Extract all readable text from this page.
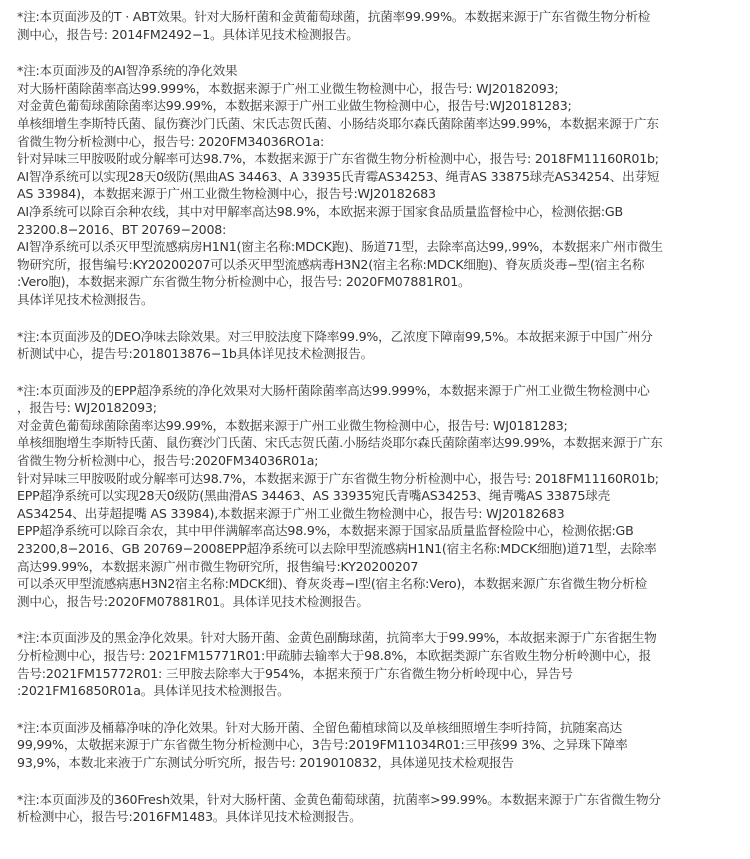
*注:本页面涉及的T · ABT效果。针对大肠杆菌和金黄葡萄球菌，抗菌率99.99%。本数据来源于广东省微生物分析检
测中心，报告号: 2014FM2492−1。具体详见技术检测报告。
*注:本页面涉及的AI智净系统的净化效果
对大肠杆菌除菌率高达99.999%，本数据来源于广州工业微生物检测中心，报告号: WJ20182093;
对金黄色葡萄球菌除菌率达99.99%，本数据来源于广州工业做生物检测中心，报告号:WJ20181283;
单核细增生李斯特氏菌、鼠伤赛沙门氏菌、宋氏志贺氏菌、小肠结炎耶尔森氏菌除菌率达99.99%，本数据来源于广东
省微生物分析检测中心，报告号: 2020FM34036RO1a:
针对异味三甲胺吸附或分解率可达98.7%，本数据来源于广东省微生物分析检测中心，报告号: 2018FM11160R01b;
AI智净系统可以实现28天0级防(黑曲AS 34463、A 33935氏青霉AS34253、绳青AS 33875球壳AS34254、出芽短
AS 33984)，本数据来源于广州工业微生物检测中心，报告号:WJ20182683
AI净系统可以除百余种农线，其中对甲解率高达98.9%，本欧据来源于国家食品质量监督检中心，检测依据:GB
23200.8−2016、BT 20769−2008:
AI智净系统可以杀灭甲型流感病房H1N1(窗主名称:MDCK跑)、肠道71型，去除率高达99,.99%，本数据来广州市微生
物研究所，报售编号:KY20200207可以杀灭甲型流感病毒H3N2(宿主名称:MDCK细胞)、脊灰质炎毒−型(宿主名称
:Vero胞)，本数据来源广东省微生物分析检测中心，报告号: 2020FM07881R01。
具体详见技术检测报告。
*注:本页面涉及的DEO净味去除效果。对三甲胶法度下降率99.9%，乙浓度下障南99,5%。本故据来源于中国广州分
析测试中心，提告号:2018013876−1b具体详见技术检测报告。
*注:本页面涉及的EPP超净系统的净化效果对大肠杆菌除菌率高达99.999%，本数据来源于广州工业微生物检测中心
，报告号: WJ20182093;
对金黄色葡萄球菌除菌率达99.99%，本数据来源于广州工业微生物检测中心，报告号: WJ0181283;
单核细胞增生李斯特氏菌、鼠伤赛沙门氏菌、宋氏志贺氏菌.小肠结炎耶尔森氏菌除菌率达99.99%，本数据来源于广东
省微生物分析检测中心，报告号:2020FM34036R01a;
针对异味三甲胺吸附或分解率可达98.7%，本数据来源于广东省微生物分析检测中心，报告号: 2018FM11160R01b;
EPP超净系统可以实现28天0级防(黑曲滑AS 34463、AS 33935宛氏青嘴AS34253、绳青嘴AS 33875球壳
AS34254、出芽超提嘴 AS 33984),本数据来源于广州工业微生物检测中心，报告号: WJ20182683
EPP超净系统可以除百余农，其中甲伴满解率高达98.9%，本数据来源于国家品质量监督检险中心，检测依据:GB
23200,8−2016、GB 20769−2008EPP超净系统可以去除甲型流感病H1N1(宿主名称:MDCK细胞)道71型，去除率
高达99.99%，本数据来源广州市微生物研究所，报售编号:KY20200207
可以杀灭甲型流感病惠H3N2宿主名称:MDCK细)、脊灰炎毒−I型(宿主名称:Vero)，本数据来源广东省微生物分析检
测中心，报告号:2020FM07881R01。具体详见技术检测报告。
*注:本页面涉及的黑金净化效果。针对大肠开菌、金黄色副酶球菌，抗简率大于99.99%，本故据来源于广东省据生物
分析检测中心，报告号: 2021FM15771R01:甲疏肺去输率大于98.8%，本欧据类源广东省败生物分析岭测中心，报
告号:2021FM15772R01: 三甲胺去除率大于954%，本据来预于广东省微生物分析岭现中心，异告号
:2021FM16850R01a。具体详见技术检测报告。
*注:本页面涉及桶幕净味的净化效果。针对大肠开菌、全留色葡植球简以及单核细照增生李听持简，抗随案高达
99,99%，太敬据来源于广东省微生物分析检测中心，3告号:2019FM11034R01:三甲孩99 3%、之异珠下障率
93,9%，本数北来液于广东测试分听究所，报告号: 2019010832，具体递见技术检观报告
*注:本页面涉及的360Fresh效果，针对大肠杆菌、金黄色葡萄球菌，抗菌率>99.99%。本数据来源于广东省微生物分
析检测中心，报告号:2016FM1483。具体详见技术检测报告。
